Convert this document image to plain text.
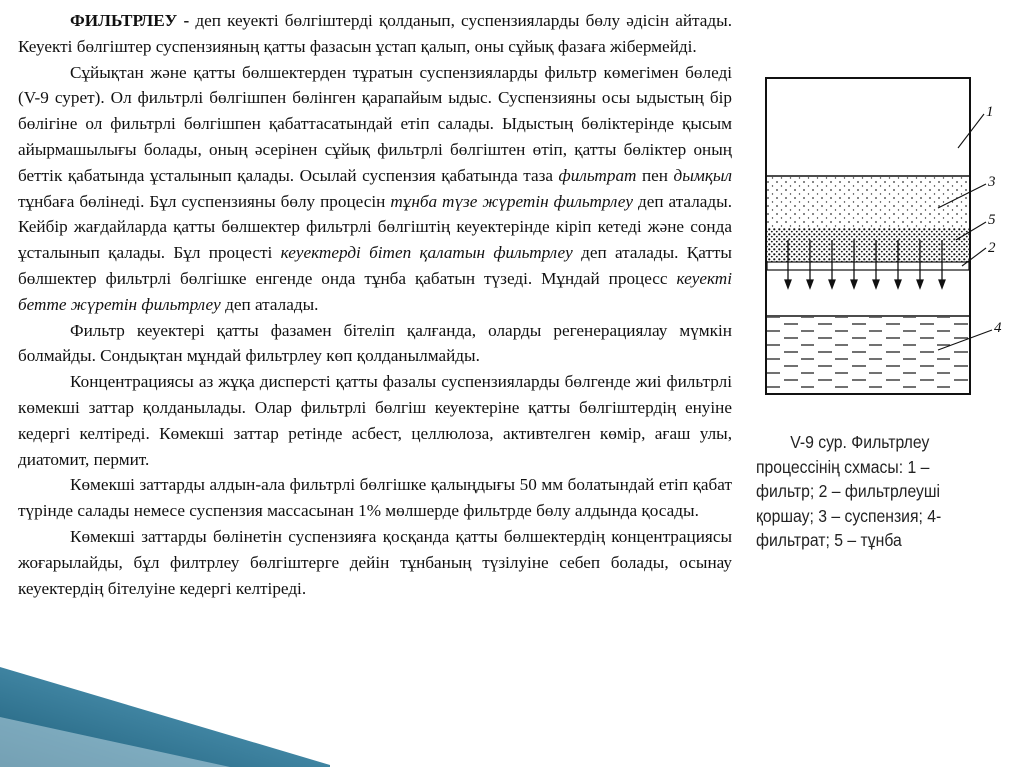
ФИЛЬТРЛЕУ - деп кеуекті бөлгіштерді қолданып, суспензияларды бөлу әдісін айтады. Кеуекті бөлгіштер суспензияның қатты фазасын ұстап қалып, оны сұйық фазаға жібермейді.

Сұйықтан және қатты бөлшектерден тұратын суспензияларды фильтр көмегімен бөледі (V-9 сурет). Ол фильтрлі бөлгішпен бөлінген қарапайым ыдыс. Суспензияны осы ыдыстың бір бөлігіне ол фильтрлі бөлгішпен қабаттасатындай етіп салады. Ыдыстың бөліктерінде қысым айырмашылығы болады, оның әсерінен сұйық фильтрлі бөлгіштен өтіп, қатты бөліктер оның беттік қабатында ұсталынып қалады. Осылай суспензия қабатында таза фильтрат пен дымқыл тұнбаға бөлінеді. Бұл суспензияны бөлу процесін тұнба түзе жүретін фильтрлеу деп аталады. Кейбір жағдайларда қатты бөлшектер фильтрлі бөлгіштің кеуектерінде кіріп кетеді және сонда ұсталынып қалады. Бұл процесті кеуектерді бітеп қалатын фильтрлеу деп аталады. Қатты бөлшектер фильтрлі бөлгішке енгенде онда тұнба қабатын түзеді. Мұндай процесс кеуекті бетте жүретін фильтрлеу деп аталады.

Фильтр кеуектері қатты фазамен бітеліп қалғанда, оларды регенерациялау мүмкін болмайды. Сондықтан мұндай фильтрлеу көп қолданылмайды.

Концентрациясы аз жұқа дисперсті қатты фазалы суспензияларды бөлгенде жиі фильтрлі көмекші заттар қолданылады. Олар фильтрлі бөлгіш кеуектеріне қатты бөлгіштердің енуіне кедергі келтіреді. Көмекші заттар ретінде асбест, целлюлоза, активтелген көмір, ағаш улы, диатомит, пермит.

Көмекші заттарды алдын-ала фильтрлі бөлгішке қалыңдығы 50 мм болатындай етіп қабат түрінде салады немесе суспензия массасынан 1% мөлшерде фильтрде бөлу алдында қосады.

Көмекші заттарды бөлінетін суспензияға қосқанда қатты бөлшектердің концентрациясы жоғарылайды, бұл филтрлеу бөлгіштерге дейін тұнбаның түзілуіне себеп болады, осынау кеуектердің бітелуіне кедергі келтіреді.

1
3
5
2
4
V-9 сур. Фильтрлеу
процессінің схмасы: 1 – фильтр; 2 – фильтрлеуші қоршау; 3 – суспензия; 4- фильтрат; 5 – тұнба
